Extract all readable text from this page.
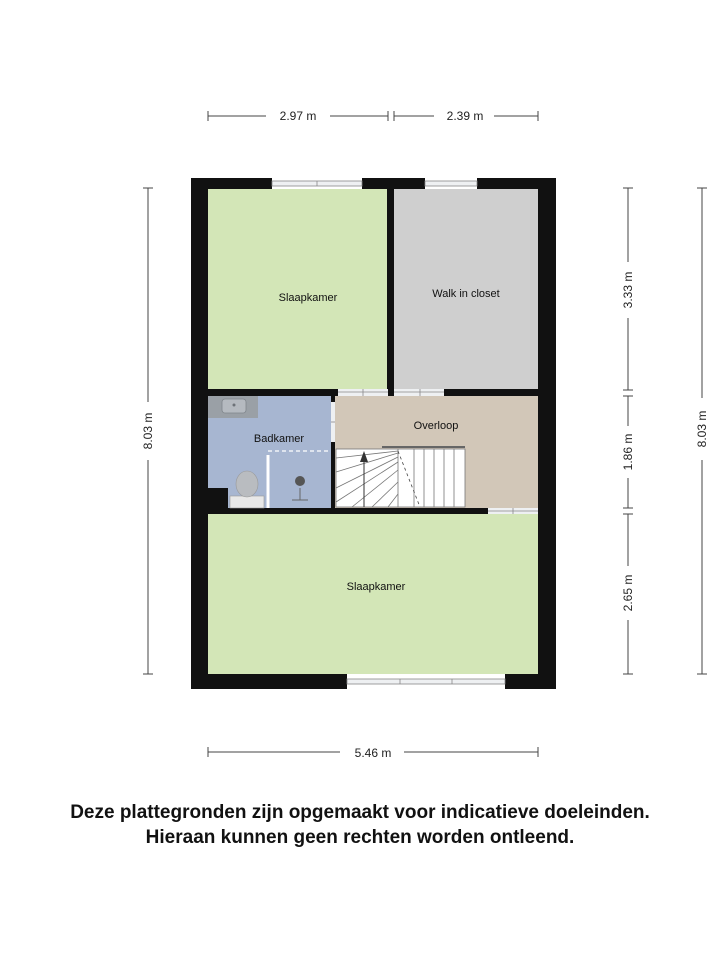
2.97 m	2.39 m
5.46 m
8.03 m	8.03 m
3.33 m
1.86 m
2.65 m
Slaapkamer	Walk in closet
Badkamer
Overloop
Slaapkamer
Deze plattegronden zijn opgemaakt voor indicatieve doeleinden.
Hieraan kunnen geen rechten worden ontleend.
